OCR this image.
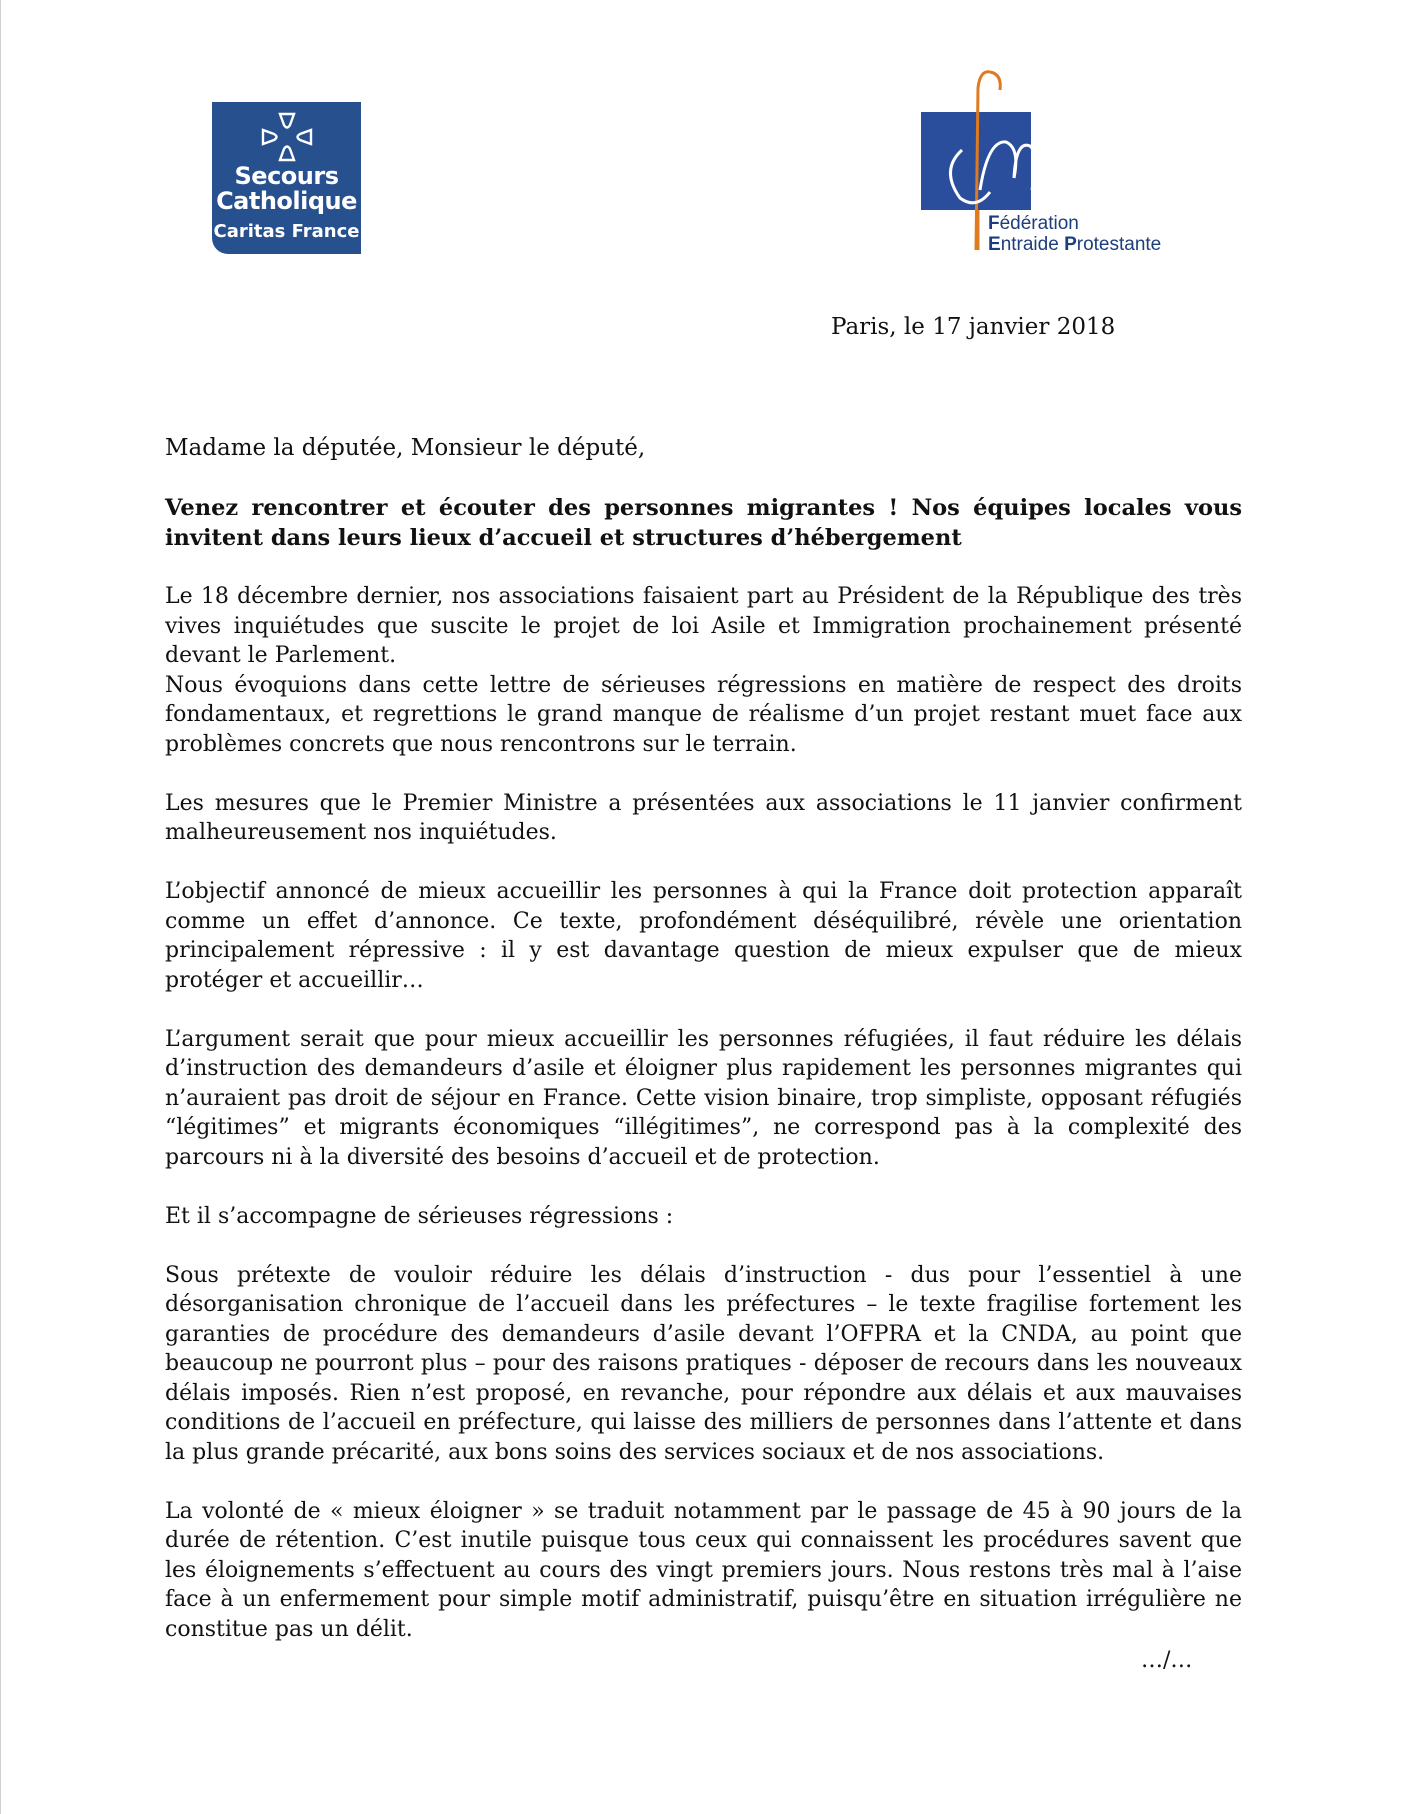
Secours
Catholique
Caritas France	Fédération
Entraide Protestante
Paris, le 17 janvier 2018
Madame la députée, Monsieur le député,
Venez rencontrer et écouter des personnes migrantes ! Nos équipes locales vous invitent dans leurs lieux d’accueil et structures d’hébergement

Le 18 décembre dernier, nos associations faisaient part au Président de la République des très vives inquiétudes que suscite le projet de loi Asile et Immigration prochainement présenté devant le Parlement.

Nous évoquions dans cette lettre de sérieuses régressions en matière de respect des droits fondamentaux, et regrettions le grand manque de réalisme d’un projet restant muet face aux problèmes concrets que nous rencontrons sur le terrain.

Les mesures que le Premier Ministre a présentées aux associations le 11 janvier confirment malheureusement nos inquiétudes.

L’objectif annoncé de mieux accueillir les personnes à qui la France doit protection apparaît comme un effet d’annonce. Ce texte, profondément déséquilibré, révèle une orientation principalement répressive : il y est davantage question de mieux expulser que de mieux protéger et accueillir…

L’argument serait que pour mieux accueillir les personnes réfugiées, il faut réduire les délais d’instruction des demandeurs d’asile et éloigner plus rapidement les personnes migrantes qui n’auraient pas droit de séjour en France. Cette vision binaire, trop simpliste, opposant réfugiés “légitimes” et migrants économiques “illégitimes”, ne correspond pas à la complexité des parcours ni à la diversité des besoins d’accueil et de protection.

Et il s’accompagne de sérieuses régressions :

Sous prétexte de vouloir réduire les délais d’instruction - dus pour l’essentiel à une désorganisation chronique de l’accueil dans les préfectures – le texte fragilise fortement les garanties de procédure des demandeurs d’asile devant l’OFPRA et la CNDA, au point que beaucoup ne pourront plus – pour des raisons pratiques - déposer de recours dans les nouveaux délais imposés. Rien n’est proposé, en revanche, pour répondre aux délais et aux mauvaises conditions de l’accueil en préfecture, qui laisse des milliers de personnes dans l’attente et dans la plus grande précarité, aux bons soins des services sociaux et de nos associations.

La volonté de « mieux éloigner » se traduit notamment par le passage de 45 à 90 jours de la durée de rétention. C’est inutile puisque tous ceux qui connaissent les procédures savent que les éloignements s’effectuent au cours des vingt premiers jours. Nous restons très mal à l’aise face à un enfermement pour simple motif administratif, puisqu’être en situation irrégulière ne constitue pas un délit.

…/…
